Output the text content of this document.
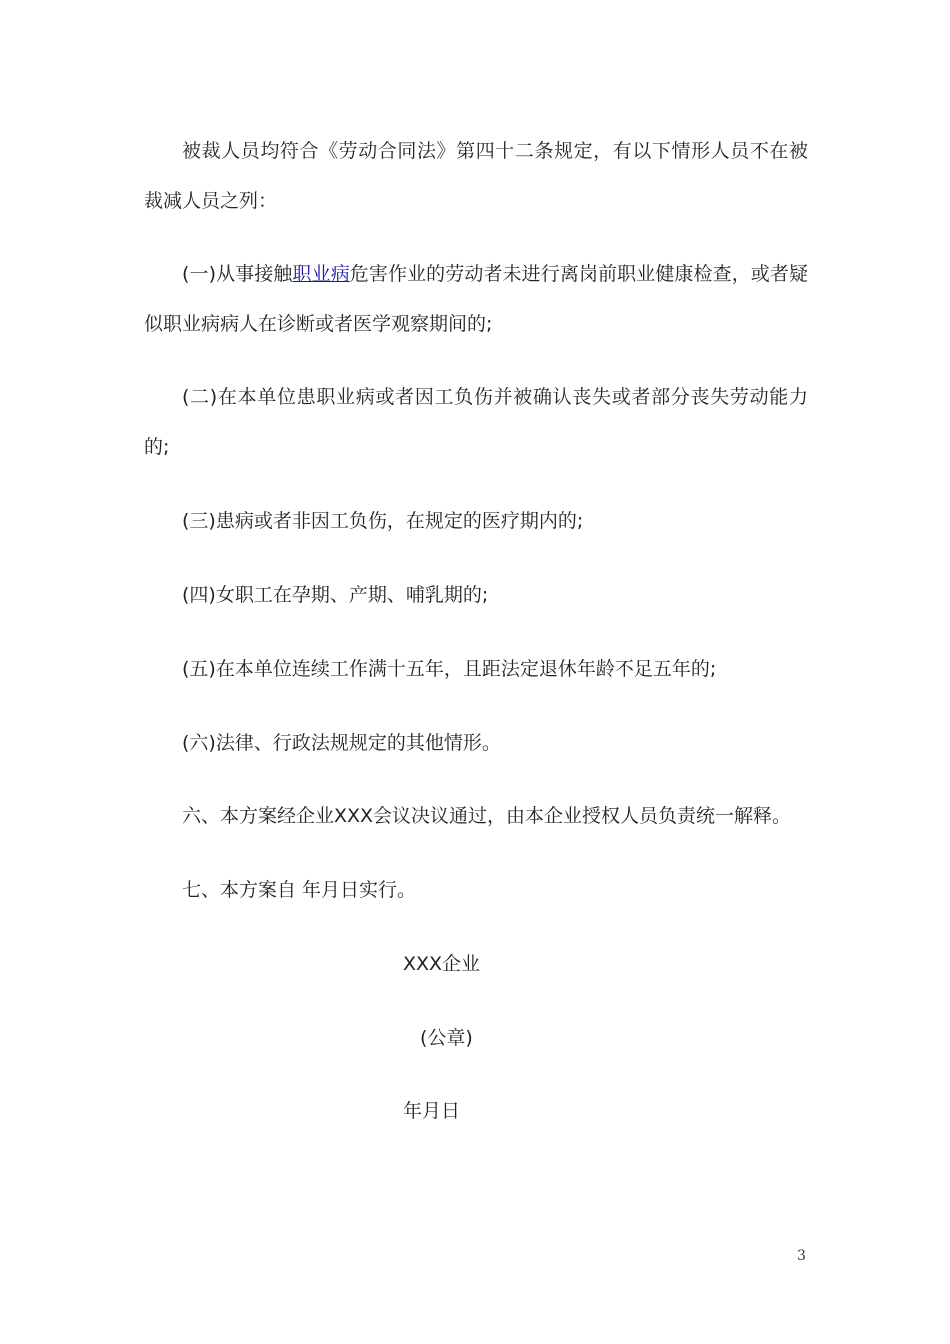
被裁人员均符合《劳动合同法》第四十二条规定，有以下情形人员不在被裁减人员之列：

(一)从事接触职业病危害作业的劳动者未进行离岗前职业健康检查，或者疑似职业病病人在诊断或者医学观察期间的;

(二)在本单位患职业病或者因工负伤并被确认丧失或者部分丧失劳动能力的;

(三)患病或者非因工负伤，在规定的医疗期内的;

(四)女职工在孕期、产期、哺乳期的;

(五)在本单位连续工作满十五年，且距法定退休年龄不足五年的;

(六)法律、行政法规规定的其他情形。

六、本方案经企业XXX会议决议通过，由本企业授权人员负责统一解释。

七、本方案自 年月日实行。

XXX企业

(公章)

年月日

3
